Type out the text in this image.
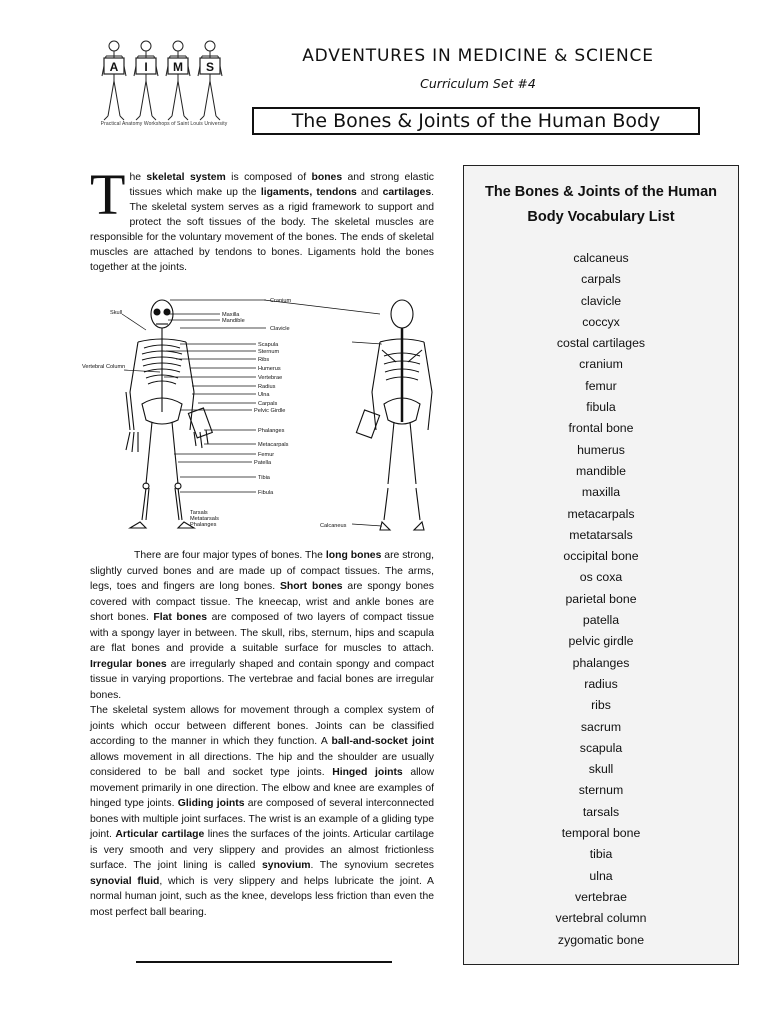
A I M S
Practical Anatomy Workshops of Saint Louis University
ADVENTURES IN MEDICINE & SCIENCE
Curriculum Set #4
The Bones & Joints of the Human Body
The skeletal system is composed of bones and strong elastic tissues which make up the ligaments, tendons and cartilages. The skeletal system serves as a rigid framework to support and protect the soft tissues of the body. The skeletal muscles are responsible for the voluntary movement of the bones. The ends of skeletal muscles are attached by tendons to bones. Ligaments hold the bones together at the joints.
Cranium
Maxilla
Mandible
Clavicle
Scapula
Sternum
Ribs
Humerus
Vertebrae
Radius
Ulna
Carpals
Pelvic Girdle
Phalanges
Metacarpals
Femur
Patella
Tibia
Fibula
Skull
Vertebral Column
Tarsals
Metatarsals
Phalanges	Calcaneus

There are four major types of bones. The long bones are strong, slightly curved bones and are made up of compact tissues. The arms, legs, toes and fingers are long bones. Short bones are spongy bones covered with compact tissue. The kneecap, wrist and ankle bones are short bones. Flat bones are composed of two layers of compact tissue with a spongy layer in between. The skull, ribs, sternum, hips and scapula are flat bones and provide a suitable surface for muscles to attach. Irregular bones are irregularly shaped and contain spongy and compact tissue in varying proportions. The vertebrae and facial bones are irregular bones.

The skeletal system allows for movement through a complex system of joints which occur between different bones. Joints can be classified according to the manner in which they function. A ball-and-socket joint allows movement in all directions. The hip and the shoulder are usually considered to be ball and socket type joints. Hinged joints allow movement primarily in one direction. The elbow and knee are examples of hinged type joints. Gliding joints are composed of several interconnected bones with multiple joint surfaces. The wrist is an example of a gliding type joint. Articular cartilage lines the surfaces of the joints. Articular cartilage is very smooth and very slippery and provides an almost frictionless surface. The joint lining is called synovium. The synovium secretes synovial fluid, which is very slippery and helps lubricate the joint. A normal human joint, such as the knee, develops less friction than even the most perfect ball bearing.

The Bones & Joints of the Human Body Vocabulary List
calcaneus
carpals
clavicle
coccyx
costal cartilages
cranium
femur
fibula
frontal bone
humerus
mandible
maxilla
metacarpals
metatarsals
occipital bone
os coxa
parietal bone
patella
pelvic girdle
phalanges
radius
ribs
sacrum
scapula
skull
sternum
tarsals
temporal bone
tibia
ulna
vertebrae
vertebral column
zygomatic bone
